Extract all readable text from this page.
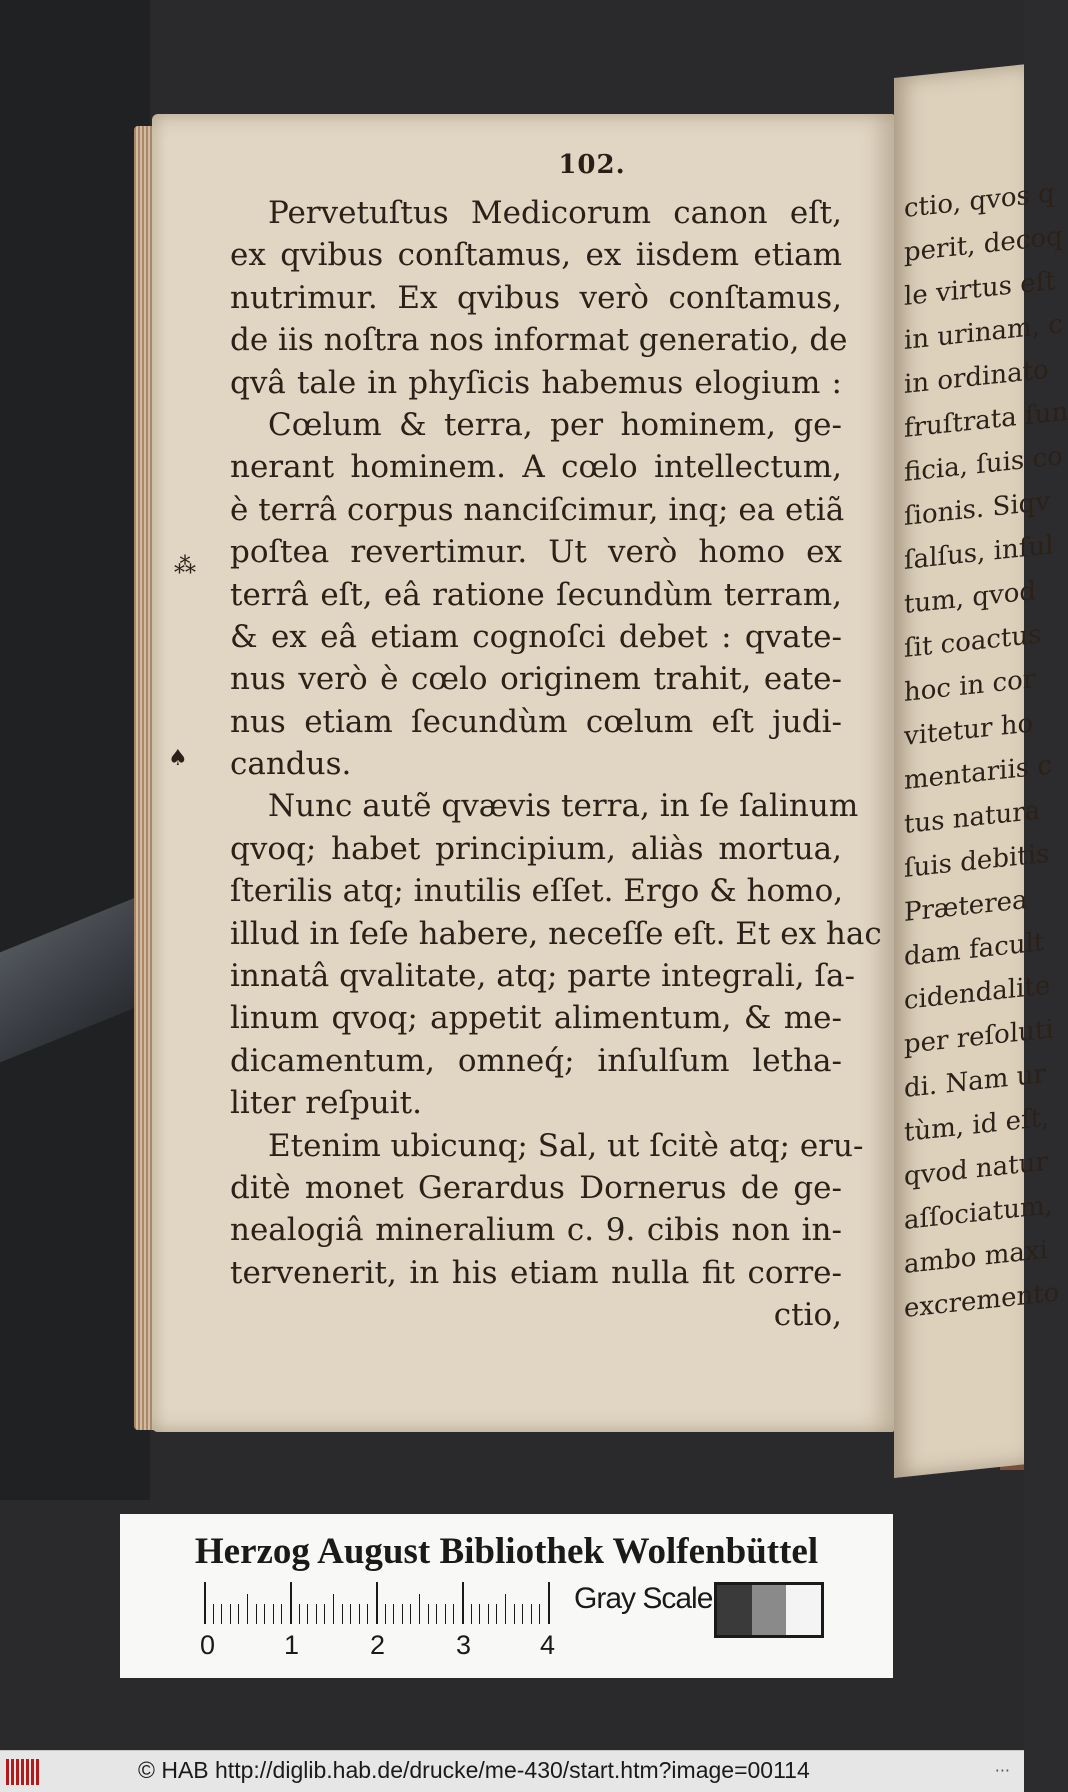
102.
Pervetuſtus Medicorum canon eſt,
ex qvibus conſtamus, ex iisdem etiam
nutrimur. Ex qvibus verò conſtamus,
de iis noſtra nos informat generatio, de
qvâ tale in phyſicis habemus elogium :
Cœlum & terra, per hominem, ge-
nerant hominem. A cœlo intellectum,
è terrâ corpus nanciſcimur, inq; ea etiã
poſtea revertimur. Ut verò homo ex
terrâ eſt, eâ ratione ſecundùm terram,
& ex eâ etiam cognoſci debet : qvate-
nus verò è cœlo originem trahit, eate-
nus etiam ſecundùm cœlum eſt judi-
candus.
Nunc autẽ qvævis terra, in ſe ſalinum
qvoq; habet principium, aliàs mortua,
ſterilis atq; inutilis eſſet. Ergo & homo,
illud in ſeſe habere, neceſſe eſt. Et ex hac
innatâ qvalitate, atq; parte integrali, ſa-
linum qvoq; appetit alimentum, & me-
dicamentum, omneq́; inſulſum letha-
liter reſpuit.
Etenim ubicunq; Sal, ut ſcitè atq; eru-
ditè monet Gerardus Dornerus de ge-
nealogiâ mineralium c. 9. cibis non in-
tervenerit, in his etiam nulla fit corre-
ctio,
⁂
♠
ctio, qvos q
perit, decoq
le virtus eſt
in urinam, c
in ordinato
fruſtrata ſun
ficia, ſuis co
ſionis. Siqv
ſalſus, inſul
tum, qvod
ſit coactus
hoc in cor
vitetur ho
mentariis c
tus natura
ſuis debitis
Præterea
dam facult
cidendalite
per reſoluti
di. Nam ur
tùm, id eſt,
qvod natur
aſſociatum,
ambo maxi
excremento
Herzog August Bibliothek Wolfenbüttel
0	1	2	3	4
Gray Scale
© HAB http://diglib.hab.de/drucke/me-430/start.htm?image=00114	···
